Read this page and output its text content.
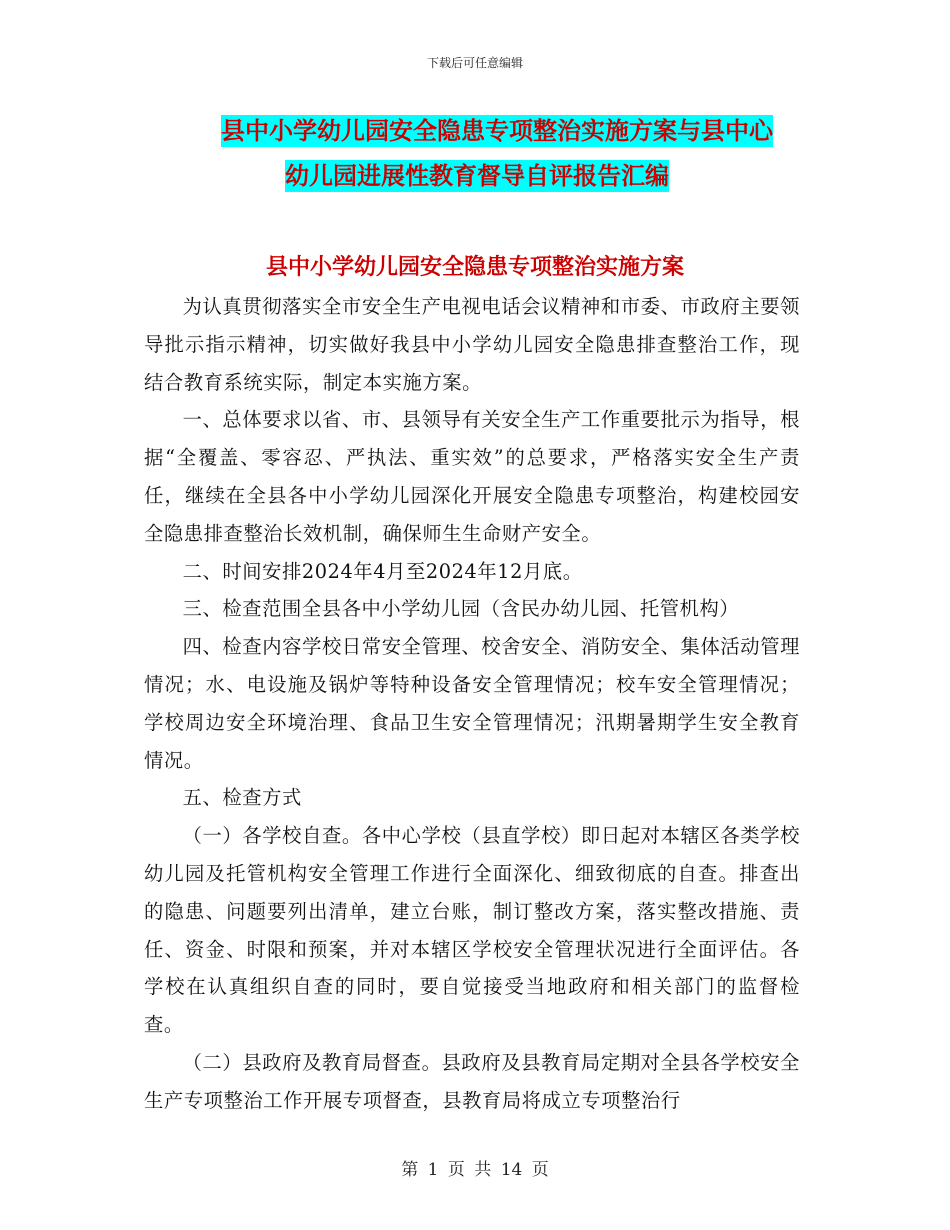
下载后可任意编辑
县中小学幼儿园安全隐患专项整治实施方案与县中心
幼儿园进展性教育督导自评报告汇编
县中小学幼儿园安全隐患专项整治实施方案

为认真贯彻落实全市安全生产电视电话会议精神和市委、市政府主要领导批示指示精神，切实做好我县中小学幼儿园安全隐患排查整治工作，现结合教育系统实际，制定本实施方案。

一、总体要求以省、市、县领导有关安全生产工作重要批示为指导，根据“全覆盖、零容忍、严执法、重实效”的总要求，严格落实安全生产责任，继续在全县各中小学幼儿园深化开展安全隐患专项整治，构建校园安全隐患排查整治长效机制，确保师生生命财产安全。

二、时间安排2024年4月至2024年12月底。

三、检查范围全县各中小学幼儿园（含民办幼儿园、托管机构）

四、检查内容学校日常安全管理、校舍安全、消防安全、集体活动管理情况；水、电设施及锅炉等特种设备安全管理情况；校车安全管理情况；学校周边安全环境治理、食品卫生安全管理情况；汛期暑期学生安全教育情况。

五、检查方式

（一）各学校自查。各中心学校（县直学校）即日起对本辖区各类学校幼儿园及托管机构安全管理工作进行全面深化、细致彻底的自查。排查出的隐患、问题要列出清单，建立台账，制订整改方案，落实整改措施、责任、资金、时限和预案，并对本辖区学校安全管理状况进行全面评估。各学校在认真组织自查的同时，要自觉接受当地政府和相关部门的监督检查。

（二）县政府及教育局督查。县政府及县教育局定期对全县各学校安全生产专项整治工作开展专项督查，县教育局将成立专项整治行

第 1 页 共 14 页
